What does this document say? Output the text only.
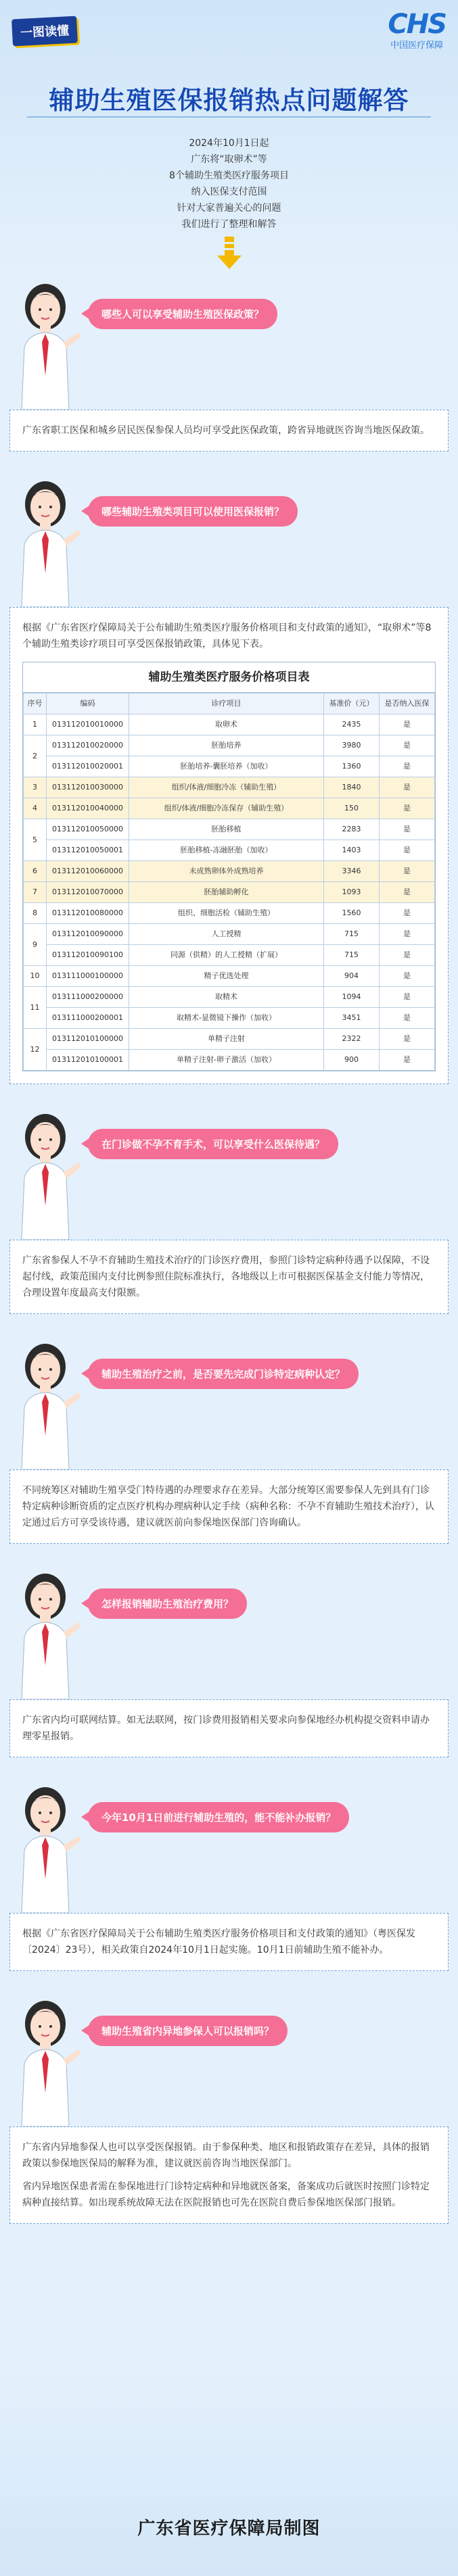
一图读懂	CHS
中国医疗保障
辅助生殖医保报销热点问题解答
2024年10月1日起
广东将“取卵术”等
8个辅助生殖类医疗服务项目
纳入医保支付范围
针对大家普遍关心的问题
我们进行了整理和解答
哪些人可以享受辅助生殖医保政策？

广东省职工医保和城乡居民医保参保人员均可享受此医保政策，跨省异地就医咨询当地医保政策。

哪些辅助生殖类项目可以使用医保报销？

根据《广东省医疗保障局关于公布辅助生殖类医疗服务价格项目和支付政策的通知》，“取卵术”等8个辅助生殖类诊疗项目可享受医保报销政策，具体见下表。

辅助生殖类医疗服务价格项目表
序号	编码	诊疗项目	基准价（元）	是否纳入医保
1	013112010010000	取卵术	2435	是
2	013112010020000	胚胎培养	3980	是
	013112010020001	胚胎培养-囊胚培养（加收）	1360	是
3	013112010030000	组织/体液/细胞冷冻（辅助生殖）	1840	是
4	013112010040000	组织/体液/细胞冷冻保存（辅助生殖）	150	是
5	013112010050000	胚胎移植	2283	是
	013112010050001	胚胎移植-冻融胚胎（加收）	1403	是
6	013112010060000	未成熟卵体外成熟培养	3346	是
7	013112010070000	胚胎辅助孵化	1093	是
8	013112010080000	组织、细胞活检（辅助生殖）	1560	是
9	013112010090000	人工授精	715	是
	013112010090100	同源（供精）的人工授精（扩展）	715	是
10	013111000100000	精子优选处理	904	是
11	013111000200000	取精术	1094	是
	013111000200001	取精术-显微镜下操作（加收）	3451	是
12	013112010100000	单精子注射	2322	是
	013112010100001	单精子注射-卵子激活（加收）	900	是
在门诊做不孕不育手术，可以享受什么医保待遇？

广东省参保人不孕不育辅助生殖技术治疗的门诊医疗费用，参照门诊特定病种待遇予以保障，不设起付线，政策范围内支付比例参照住院标准执行，各地级以上市可根据医保基金支付能力等情况，合理设置年度最高支付限额。

辅助生殖治疗之前，是否要先完成门诊特定病种认定？

不同统筹区对辅助生殖享受门特待遇的办理要求存在差异。大部分统筹区需要参保人先到具有门诊特定病种诊断资质的定点医疗机构办理病种认定手续（病种名称：不孕不育辅助生殖技术治疗），认定通过后方可享受该待遇，建议就医前向参保地医保部门咨询确认。

怎样报销辅助生殖治疗费用？

广东省内均可联网结算。如无法联网，按门诊费用报销相关要求向参保地经办机构提交资料申请办理零星报销。

今年10月1日前进行辅助生殖的，能不能补办报销？

根据《广东省医疗保障局关于公布辅助生殖类医疗服务价格项目和支付政策的通知》（粤医保发〔2024〕23号），相关政策自2024年10月1日起实施。10月1日前辅助生殖不能补办。

辅助生殖省内异地参保人可以报销吗？

广东省内异地参保人也可以享受医保报销。由于参保种类、地区和报销政策存在差异，具体的报销政策以参保地医保局的解释为准，建议就医前咨询当地医保部门。

省内异地医保患者需在参保地进行门诊特定病种和异地就医备案，备案成功后就医时按照门诊特定病种直接结算。如出现系统故障无法在医院报销也可先在医院自费后参保地医保部门报销。

广东省医疗保障局制图
